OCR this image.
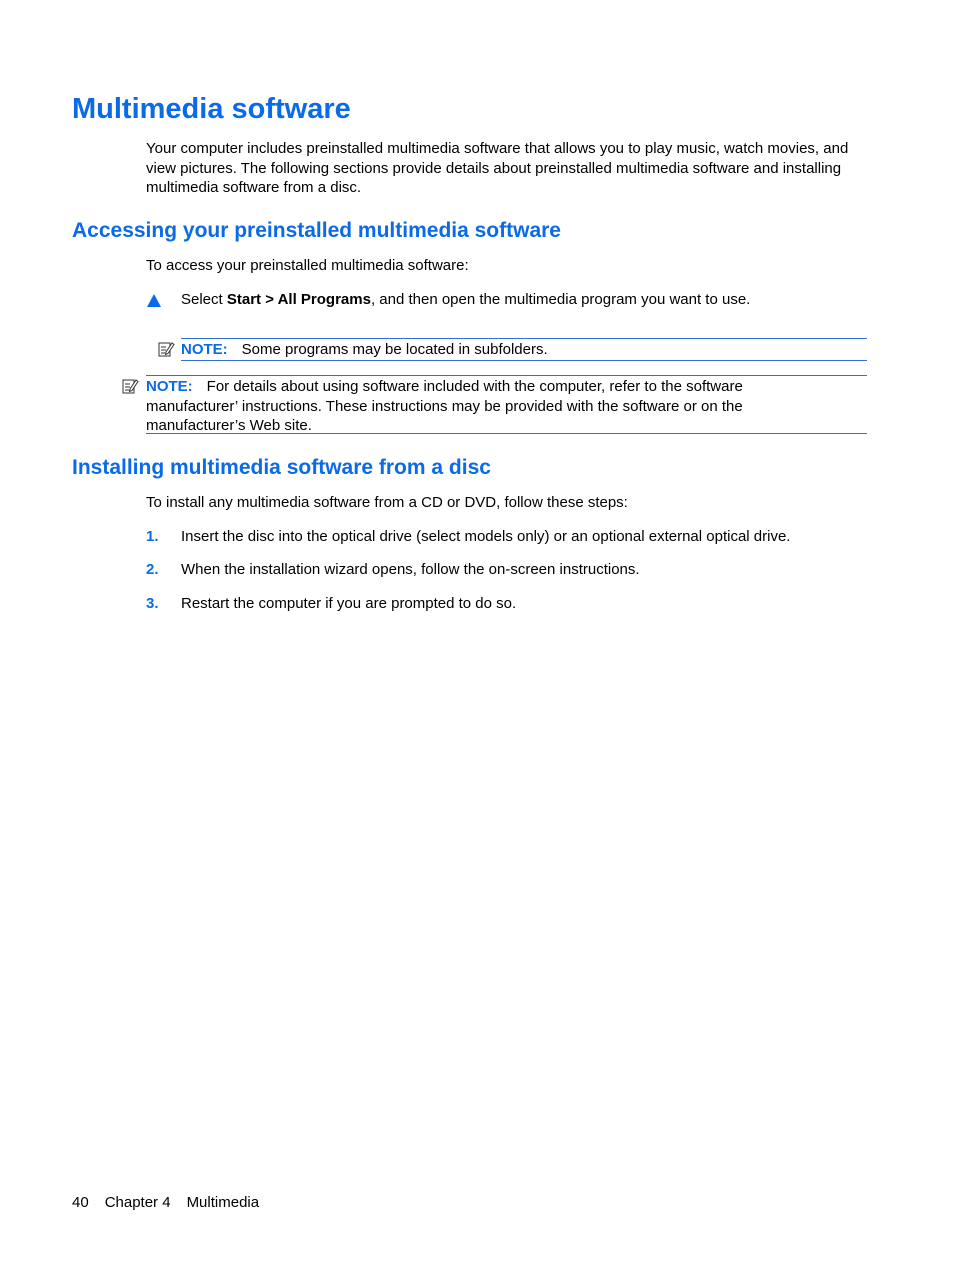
Multimedia software
Your computer includes preinstalled multimedia software that allows you to play music, watch movies, and view pictures. The following sections provide details about preinstalled multimedia software and installing multimedia software from a disc.
Accessing your preinstalled multimedia software
To access your preinstalled multimedia software:
Select Start > All Programs, and then open the multimedia program you want to use.
NOTE: Some programs may be located in subfolders.
NOTE: For details about using software included with the computer, refer to the software manufacturer’ instructions. These instructions may be provided with the software or on the manufacturer’s Web site.
Installing multimedia software from a disc
To install any multimedia software from a CD or DVD, follow these steps:
1. Insert the disc into the optical drive (select models only) or an optional external optical drive.
2. When the installation wizard opens, follow the on-screen instructions.
3. Restart the computer if you are prompted to do so.
40 Chapter 4 Multimedia
